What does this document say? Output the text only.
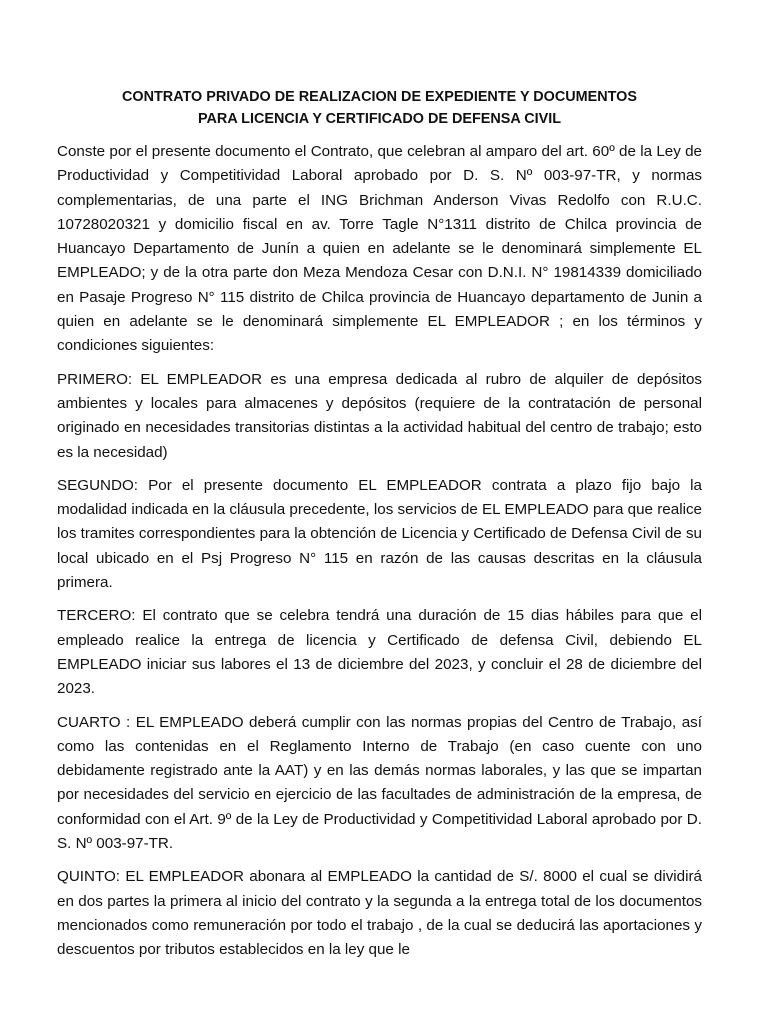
CONTRATO PRIVADO DE REALIZACION DE EXPEDIENTE Y DOCUMENTOS
PARA LICENCIA Y CERTIFICADO DE DEFENSA CIVIL

Conste por el presente documento el Contrato, que celebran al amparo del art. 60º de la Ley de Productividad y Competitividad Laboral aprobado por D. S. Nº 003-97-TR, y normas complementarias, de una parte el ING Brichman Anderson Vivas Redolfo con R.U.C. 10728020321 y domicilio fiscal en av. Torre Tagle N°1311 distrito de Chilca provincia de Huancayo Departamento de Junín a quien en adelante se le denominará simplemente EL EMPLEADO; y de la otra parte don Meza Mendoza Cesar con D.N.I. N° 19814339 domiciliado en Pasaje Progreso N° 115 distrito de Chilca provincia de Huancayo departamento de Junin a quien en adelante se le denominará simplemente EL EMPLEADOR ; en los términos y condiciones siguientes:

PRIMERO: EL EMPLEADOR es una empresa dedicada al rubro de alquiler de depósitos ambientes y locales para almacenes y depósitos (requiere de la contratación de personal originado en necesidades transitorias distintas a la actividad habitual del centro de trabajo; esto es la necesidad)

SEGUNDO: Por el presente documento EL EMPLEADOR contrata a plazo fijo bajo la modalidad indicada en la cláusula precedente, los servicios de EL EMPLEADO para que realice los tramites correspondientes para la obtención de Licencia y Certificado de Defensa Civil de su local ubicado en el Psj Progreso N° 115 en razón de las causas descritas en la cláusula primera.

TERCERO: El contrato que se celebra tendrá una duración de 15 dias hábiles para que el empleado realice la entrega de licencia y Certificado de defensa Civil, debiendo EL EMPLEADO iniciar sus labores el 13 de diciembre del 2023, y concluir el 28 de diciembre del 2023.

CUARTO : EL EMPLEADO deberá cumplir con las normas propias del Centro de Trabajo, así como las contenidas en el Reglamento Interno de Trabajo (en caso cuente con uno debidamente registrado ante la AAT) y en las demás normas laborales, y las que se impartan por necesidades del servicio en ejercicio de las facultades de administración de la empresa, de conformidad con el Art. 9º de la Ley de Productividad y Competitividad Laboral aprobado por D. S. Nº 003-97-TR.

QUINTO: EL EMPLEADOR abonara al EMPLEADO la cantidad de S/. 8000 el cual se dividirá en dos partes la primera al inicio del contrato y la segunda a la entrega total de los documentos mencionados como remuneración por todo el trabajo , de la cual se deducirá las aportaciones y descuentos por tributos establecidos en la ley que le
